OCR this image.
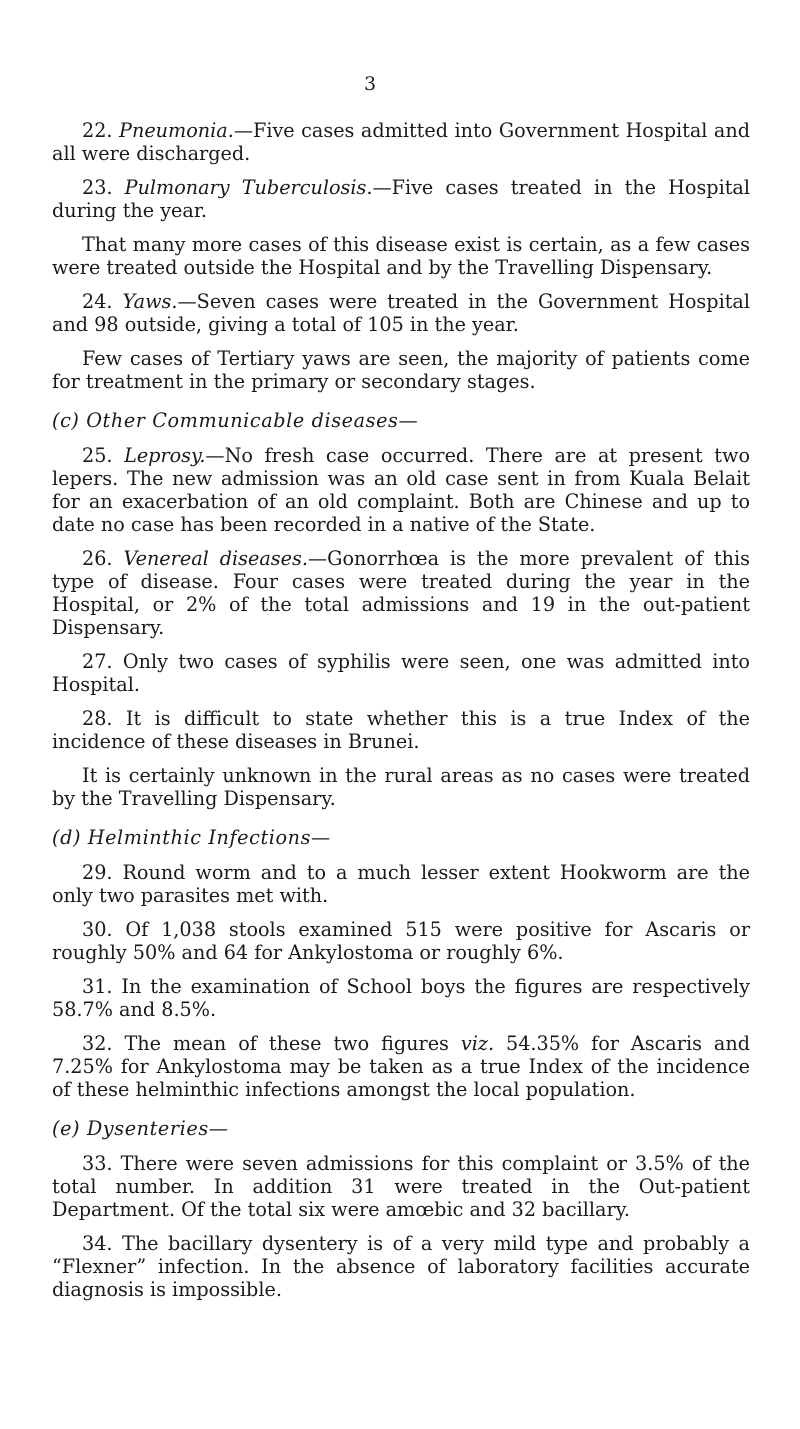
3

22. Pneumonia.—Five cases admitted into Government Hospital and all were discharged.

23. Pulmonary Tuberculosis.—Five cases treated in the Hospital during the year.

That many more cases of this disease exist is certain, as a few cases were treated outside the Hospital and by the Travelling Dispensary.

24. Yaws.—Seven cases were treated in the Government Hospital and 98 outside, giving a total of 105 in the year.

Few cases of Tertiary yaws are seen, the majority of patients come for treatment in the primary or secondary stages.

(c) Other Communicable diseases—

25. Leprosy.—No fresh case occurred. There are at present two lepers. The new admission was an old case sent in from Kuala Belait for an exacerbation of an old complaint. Both are Chinese and up to date no case has been recorded in a native of the State.

26. Venereal diseases.—Gonorrhœa is the more prevalent of this type of disease. Four cases were treated during the year in the Hospital, or 2% of the total admissions and 19 in the out-patient Dispensary.

27. Only two cases of syphilis were seen, one was admitted into Hospital.

28. It is difficult to state whether this is a true Index of the incidence of these diseases in Brunei.

It is certainly unknown in the rural areas as no cases were treated by the Travelling Dispensary.

(d) Helminthic Infections—

29. Round worm and to a much lesser extent Hookworm are the only two parasites met with.

30. Of 1,038 stools examined 515 were positive for Ascaris or roughly 50% and 64 for Ankylostoma or roughly 6%.

31. In the examination of School boys the figures are respectively 58.7% and 8.5%.

32. The mean of these two figures viz. 54.35% for Ascaris and 7.25% for Ankylostoma may be taken as a true Index of the incidence of these helminthic infections amongst the local population.

(e) Dysenteries—

33. There were seven admissions for this complaint or 3.5% of the total number. In addition 31 were treated in the Out-patient Department. Of the total six were amœbic and 32 bacillary.

34. The bacillary dysentery is of a very mild type and probably a “Flexner” infection. In the absence of laboratory facilities accurate diagnosis is impossible.
